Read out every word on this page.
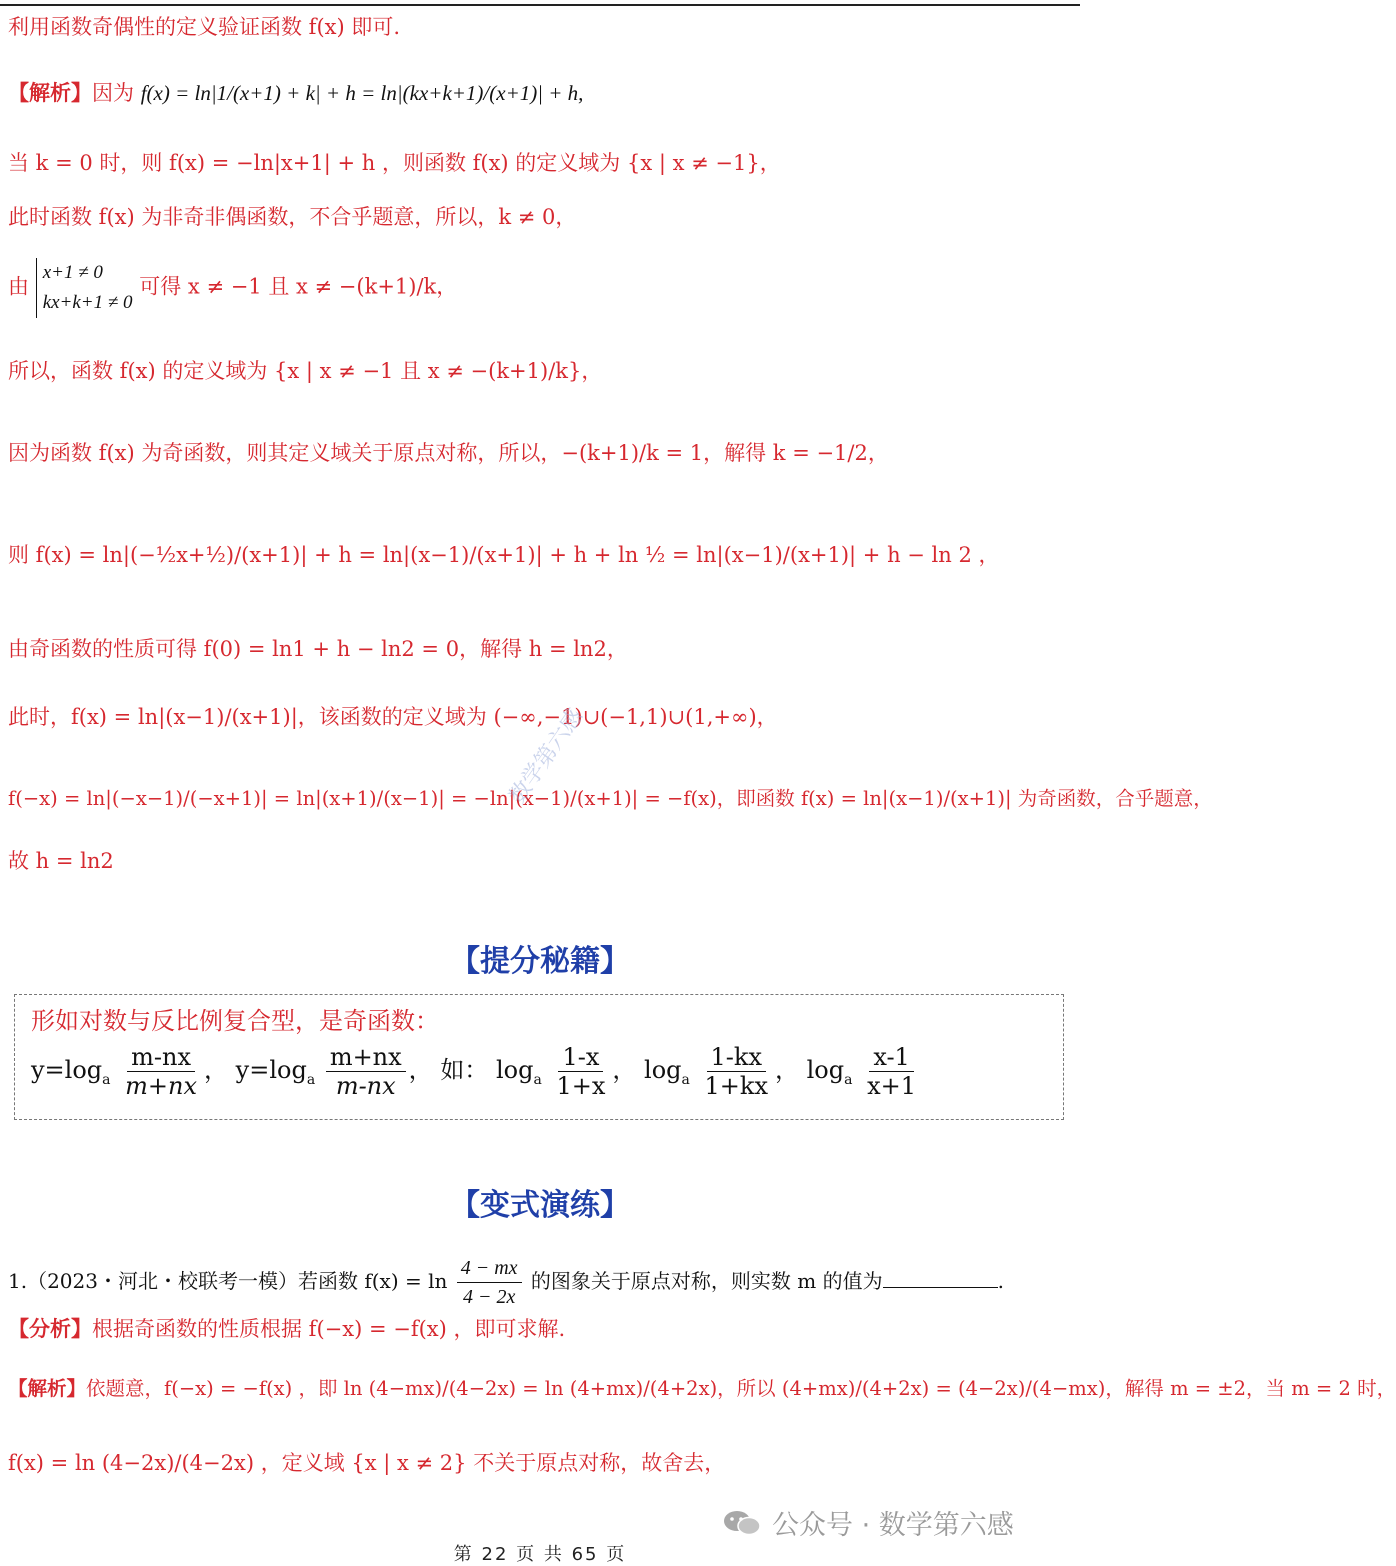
利用函数奇偶性的定义验证函数 f(x) 即可.
【解析】因为 f(x) = ln|1/(x+1) + k| + h = ln|(kx+k+1)/(x+1)| + h,
当 k = 0 时，则 f(x) = −ln|x+1| + h ，则函数 f(x) 的定义域为 {x | x ≠ −1}，
此时函数 f(x) 为非奇非偶函数，不合乎题意，所以，k ≠ 0，
由
x+1 ≠ 0
kx+k+1 ≠ 0
可得 x ≠ −1 且 x ≠ −(k+1)/k，
所以，函数 f(x) 的定义域为 {x | x ≠ −1 且 x ≠ −(k+1)/k}，
因为函数 f(x) 为奇函数，则其定义域关于原点对称，所以，−(k+1)/k = 1，解得 k = −1/2，
则 f(x) = ln|(−½x+½)/(x+1)| + h = ln|(x−1)/(x+1)| + h + ln ½ = ln|(x−1)/(x+1)| + h − ln 2 ，
由奇函数的性质可得 f(0) = ln1 + h − ln2 = 0，解得 h = ln2，
此时，f(x) = ln|(x−1)/(x+1)|，该函数的定义域为 (−∞,−1)∪(−1,1)∪(1,+∞)，
f(−x) = ln|(−x−1)/(−x+1)| = ln|(x+1)/(x−1)| = −ln|(x−1)/(x+1)| = −f(x)，即函数 f(x) = ln|(x−1)/(x+1)| 为奇函数，合乎题意，
故 h = ln2
数学第六感
【提分秘籍】
形如对数与反比例复合型，是奇函数：
$y=\log_a \frac{m-nx}{m+nx}$ ， $y=\log_a \frac{m+nx}{m-nx}$ ， 如： $\log_a \frac{1-x}{1+x}$ ， $\log_a \frac{1-kx}{1+kx}$ ， $\log_a \frac{x-1}{x+1}$
【变式演练】
1.（2023・河北・校联考一模）若函数 $f(x) = \ln \frac{4 - mx}{4 - 2x}$ 的图象关于原点对称，则实数 m 的值为	.
【分析】根据奇函数的性质根据 f(−x) = −f(x) ，即可求解.
【解析】依题意，f(−x) = −f(x) ，即 ln (4−mx)/(4−2x) = ln (4+mx)/(4+2x)，所以 (4+mx)/(4+2x) = (4−2x)/(4−mx)，解得 m = ±2，当 m = 2 时，
f(x) = ln (4−2x)/(4−2x) ，定义域 {x | x ≠ 2} 不关于原点对称，故舍去，
公众号 · 数学第六感
第 22 页 共 65 页
